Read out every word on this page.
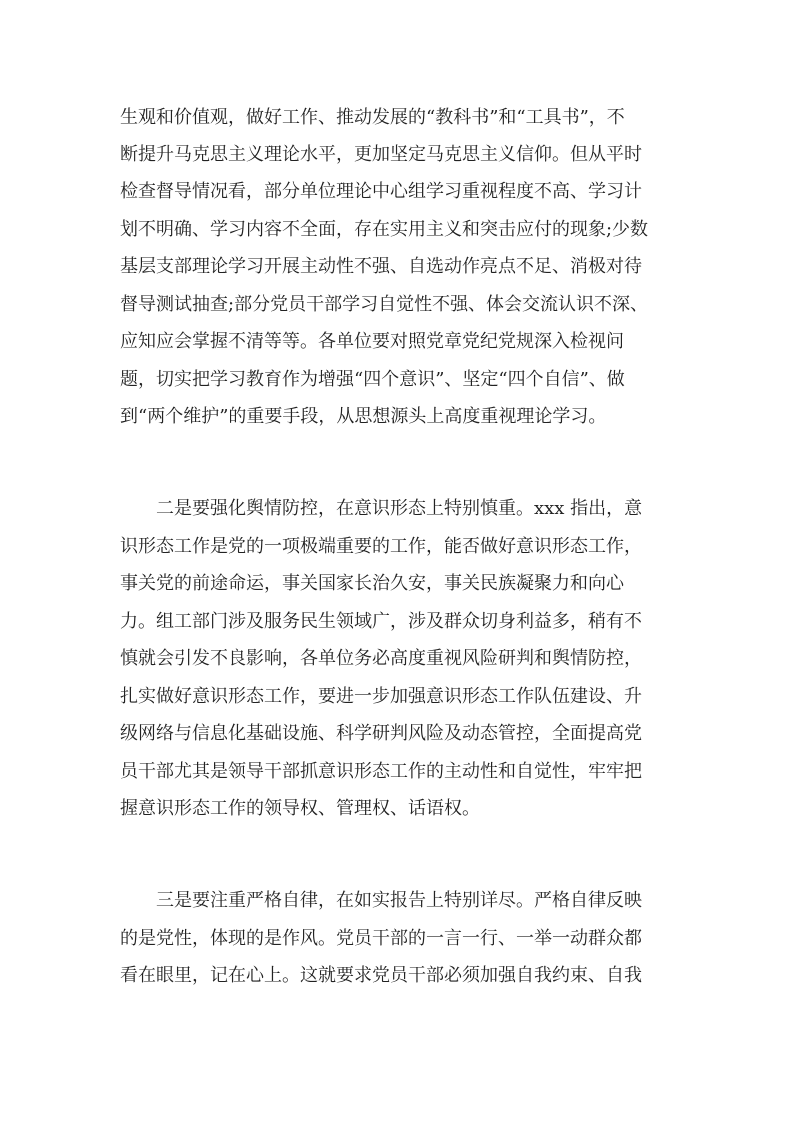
生观和价值观，做好工作、推动发展的“教科书”和“工具书”，不

断提升马克思主义理论水平，更加坚定马克思主义信仰。但从平时

检查督导情况看，部分单位理论中心组学习重视程度不高、学习计

划不明确、学习内容不全面，存在实用主义和突击应付的现象;少数

基层支部理论学习开展主动性不强、自选动作亮点不足、消极对待

督导测试抽查;部分党员干部学习自觉性不强、体会交流认识不深、

应知应会掌握不清等等。各单位要对照党章党纪党规深入检视问

题，切实把学习教育作为增强“四个意识”、坚定“四个自信”、做

到“两个维护”的重要手段，从思想源头上高度重视理论学习。

二是要强化舆情防控，在意识形态上特别慎重。xxx 指出，意

识形态工作是党的一项极端重要的工作，能否做好意识形态工作，

事关党的前途命运，事关国家长治久安，事关民族凝聚力和向心

力。组工部门涉及服务民生领域广，涉及群众切身利益多，稍有不

慎就会引发不良影响，各单位务必高度重视风险研判和舆情防控，

扎实做好意识形态工作，要进一步加强意识形态工作队伍建设、升

级网络与信息化基础设施、科学研判风险及动态管控，全面提高党

员干部尤其是领导干部抓意识形态工作的主动性和自觉性，牢牢把

握意识形态工作的领导权、管理权、话语权。

三是要注重严格自律，在如实报告上特别详尽。严格自律反映

的是党性，体现的是作风。党员干部的一言一行、一举一动群众都

看在眼里，记在心上。这就要求党员干部必须加强自我约束、自我
